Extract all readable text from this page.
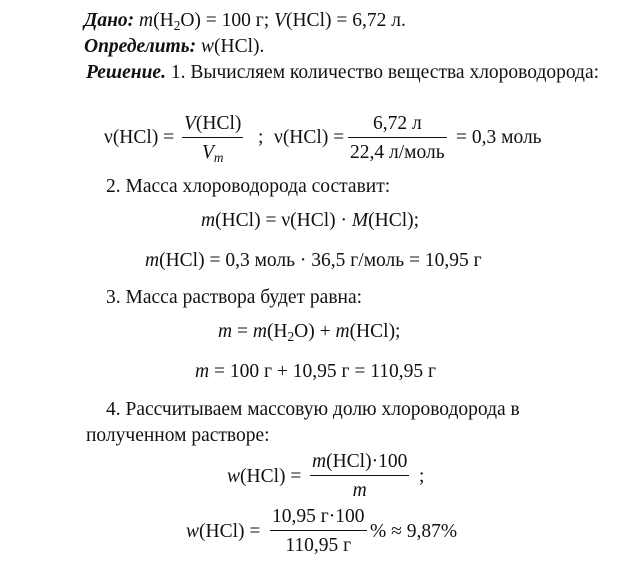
Дано: $m(H_2O) = 100$ г; V(HCl) = 6,72 л.
Определить: w(HCl).
Решение. 1. Вычисляем количество вещества хлороводорода:
ν(HCl) =
V(HCl)
$V_m$
; ν(HCl) =
6,72 л
22,4 л/моль
= 0,3 моль
2. Масса хлороводорода составит:
m(HCl) = ν(HCl) · M(HCl);
m(HCl) = 0,3 моль · 36,5 г/моль = 10,95 г
3. Масса раствора будет равна:
$m = m(H_2O) + m(HCl)$;
m = 100 г + 10,95 г = 110,95 г
4. Рассчитываем массовую долю хлороводорода в полученном растворе:
w(HCl) =
m(HCl)·100
m
;
w(HCl) =
10,95 г·100
110,95 г
% ≈ 9,87%
